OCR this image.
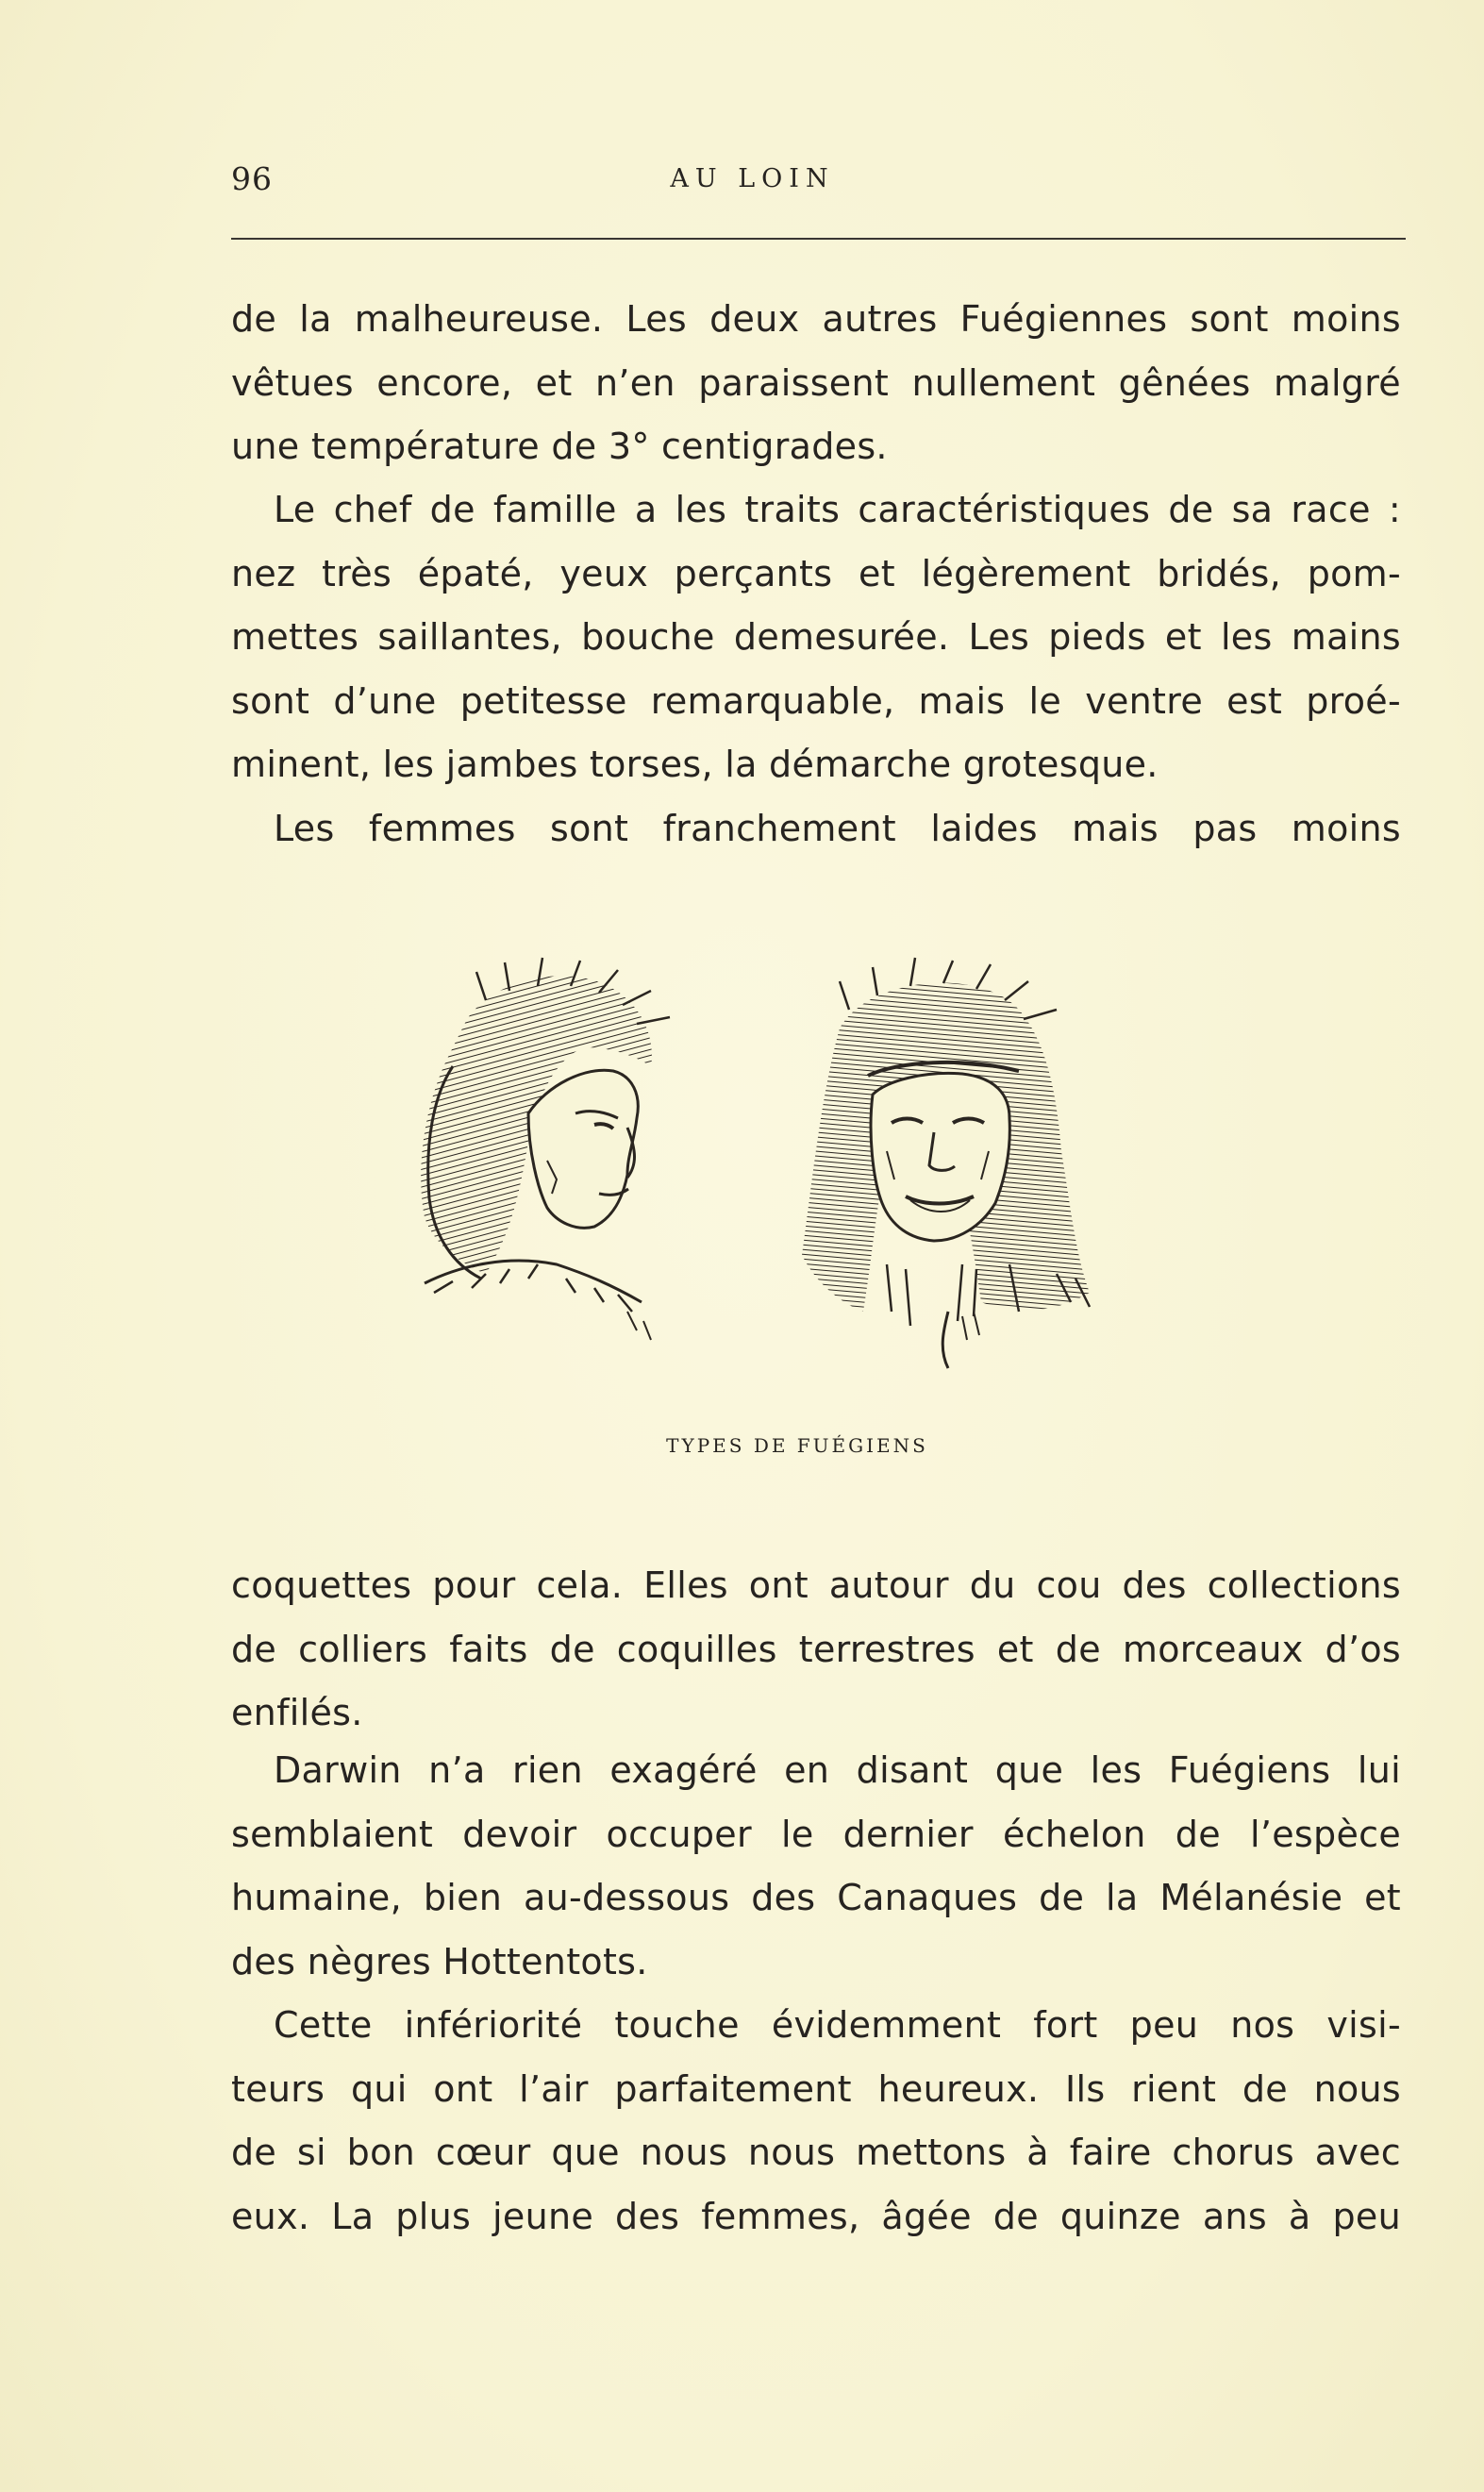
96	AU LOIN

de la malheureuse. Les deux autres Fuégiennes sont moins
vêtues encore, et n’en paraissent nullement gênées malgré
une température de 3° centigrades.

Le chef de famille a les traits caractéristiques de sa race :
nez très épaté, yeux perçants et légèrement bridés, pom-
mettes saillantes, bouche demesurée. Les pieds et les mains
sont d’une petitesse remarquable, mais le ventre est proé-
minent, les jambes torses, la démarche grotesque.

Les femmes sont franchement laides mais pas moins

TYPES DE FUÉGIENS

coquettes pour cela. Elles ont autour du cou des collections
de colliers faits de coquilles terrestres et de morceaux d’os
enfilés.

Darwin n’a rien exagéré en disant que les Fuégiens lui
semblaient devoir occuper le dernier échelon de l’espèce
humaine, bien au-dessous des Canaques de la Mélanésie et
des nègres Hottentots.

Cette infériorité touche évidemment fort peu nos visi-
teurs qui ont l’air parfaitement heureux. Ils rient de nous
de si bon cœur que nous nous mettons à faire chorus avec
eux. La plus jeune des femmes, âgée de quinze ans à peu
